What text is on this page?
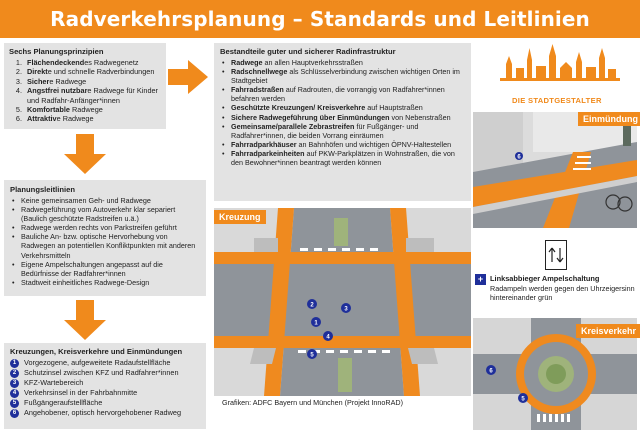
Radverkehrsplanung – Standards und Leitlinien
Sechs Planungsprinzipien
1. Flächendeckendes Radwegenetz
2. Direkte und schnelle Radverbindungen
3. Sichere Radwege
4. Angstfrei nutzbare Radwege für Kinder und Radfahr-Anfänger*innen
5. Komfortable Radwege
6. Attraktive Radwege
Planungsleitlinien
• Keine gemeinsamen Geh- und Radwege
• Radwegeführung vom Autoverkehr klar separiert (Baulich geschützte Radstreifen u.ä.)
• Radwege werden rechts von Parkstreifen geführt
• Bauliche An- bzw. optische Hervorhebung von Radwegen an potentiellen Konfliktpunkten mit anderen Verkehrsmitteln
• Eigene Ampelschaltungen angepasst auf die Bedürfnisse der Radfahrer*innen
• Stadtweit einheitliches Radwege-Design
Kreuzungen, Kreisverkehre und Einmündungen
1	Vorgezogene, aufgeweitete Radaufstellfläche
2	Schutzinsel zwischen KFZ und Radfahrer*innen
3	KFZ-Wartebereich
4	Verkehrsinsel in der Fahrbahnmitte
5	Fußgängeraufstellfläche
6	Angehobener, optisch hervorgehobener Radweg
Bestandteile guter und sicherer Radinfrastruktur
• Radwege an allen Hauptverkehrsstraßen
• Radschnellwege als Schlüsselverbindung zwischen wichtigen Orten im Stadtgebiet
• Fahrradstraßen auf Radrouten, die vorrangig von Radfahrer*innen befahren werden
• Geschützte Kreuzungen/ Kreisverkehre auf Hauptstraßen
• Sichere Radwegeführung über Einmündungen von Nebenstraßen
• Gemeinsame/parallele Zebrastreifen für Fußgänger- und Radfahrer*innen, die beiden Vorrang einräumen
• Fahrradparkhäuser an Bahnhöfen und wichtigen ÖPNV-Haltestellen
• Fahrradparkeinheiten auf PKW-Parkplätzen in Wohnstraßen, die von den Bewohner*innen beantragt werden können
DIE STADTGESTALTER
6
Einmündung
2
3
1
4
5
Kreuzung
+ Linksabbieger Ampelschaltung
Radampeln werden gegen den Uhrzeigersinn hintereinander grün
6
5
Kreisverkehr
Grafiken: ADFC Bayern und München (Projekt InnoRAD)
